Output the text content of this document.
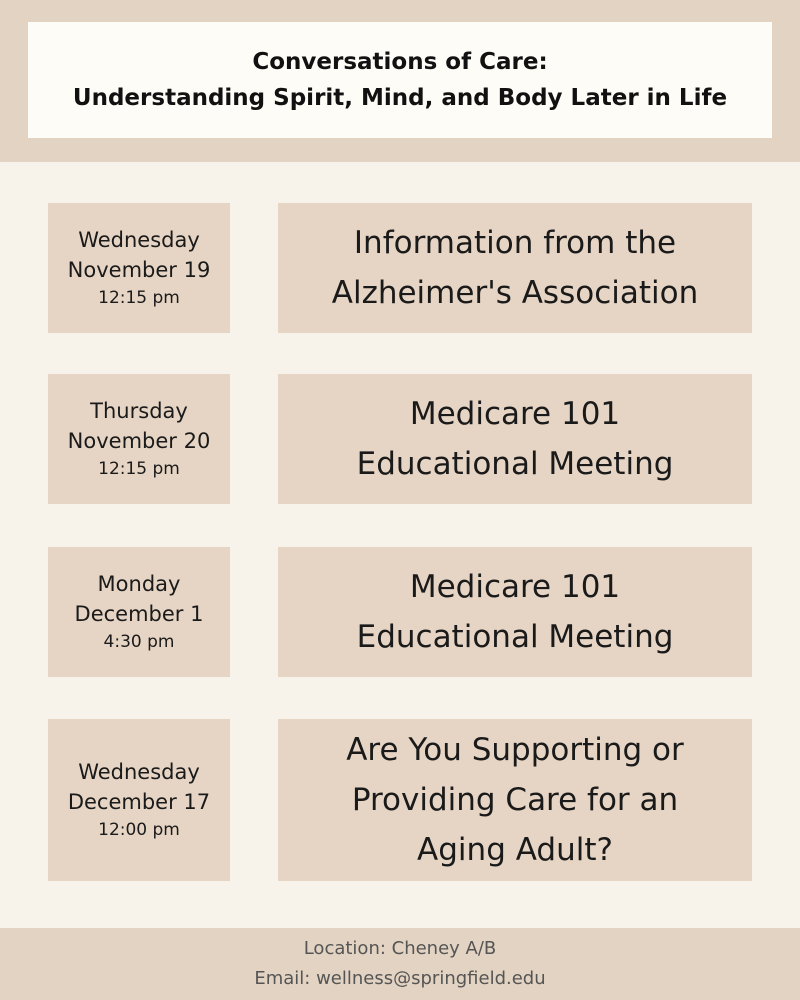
Conversations of Care:
Understanding Spirit, Mind, and Body Later in Life
Wednesday
November 19
12:15 pm
Information from the
Alzheimer's Association
Thursday
November 20
12:15 pm
Medicare 101
Educational Meeting
Monday
December 1
4:30 pm
Medicare 101
Educational Meeting
Wednesday
December 17
12:00 pm
Are You Supporting or
Providing Care for an
Aging Adult?
Location: Cheney A/B
Email: wellness@springfield.edu
